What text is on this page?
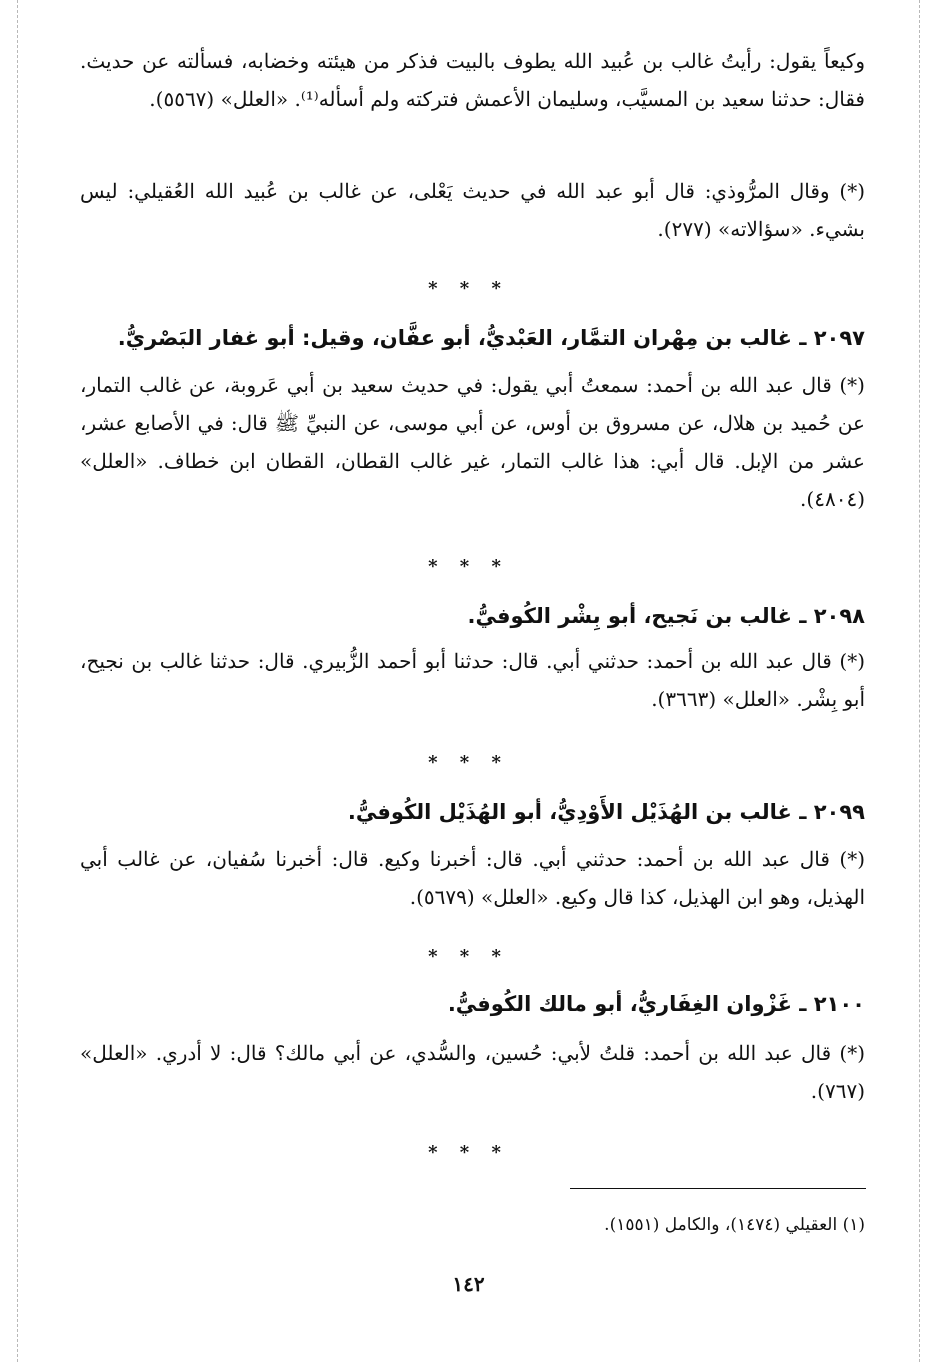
وكيعاً يقول: رأيتُ غالب بن عُبيد الله يطوف بالبيت فذكر من هيئته وخضابه، فسألته عن حديث. فقال: حدثنا سعيد بن المسيَّب، وسليمان الأعمش فتركته ولم أسأله⁽¹⁾. «العلل» (٥٥٦٧).

(*) وقال المرُّوذي: قال أبو عبد الله في حديث يَعْلى، عن غالب بن عُبيد الله العُقيلي: ليس بشيء. «سؤالاته» (٢٧٧).

* * *
٢٠٩٧ ـ غالب بن مِهْران التمَّار، العَبْديُّ، أبو عفَّان، وقيل: أبو غفار البَصْريُّ.

(*) قال عبد الله بن أحمد: سمعتُ أبي يقول: في حديث سعيد بن أبي عَروبة، عن غالب التمار، عن حُميد بن هلال، عن مسروق بن أوس، عن أبي موسى، عن النبيِّ ﷺ قال: في الأصابع عشر، عشر من الإبل. قال أبي: هذا غالب التمار، غير غالب القطان، القطان ابن خطاف. «العلل» (٤٨٠٤).

* * *
٢٠٩٨ ـ غالب بن نَجيح، أبو بِشْر الكُوفيُّ.

(*) قال عبد الله بن أحمد: حدثني أبي. قال: حدثنا أبو أحمد الزُّبيري. قال: حدثنا غالب بن نجيح، أبو بِشْر. «العلل» (٣٦٦٣).

* * *
٢٠٩٩ ـ غالب بن الهُذَيْل الأَوْدِيُّ، أبو الهُذَيْل الكُوفيُّ.

(*) قال عبد الله بن أحمد: حدثني أبي. قال: أخبرنا وكيع. قال: أخبرنا سُفيان، عن غالب أبي الهذيل، وهو ابن الهذيل، كذا قال وكيع. «العلل» (٥٦٧٩).

* * *
٢١٠٠ ـ غَزْوان الغِفَاريُّ، أبو مالك الكُوفيُّ.

(*) قال عبد الله بن أحمد: قلتُ لأبي: حُسين، والسُّدي، عن أبي مالك؟ قال: لا أدري. «العلل» (٧٦٧).

* * *
(١) العقيلي (١٤٧٤)، والكامل (١٥٥١).
١٤٢
